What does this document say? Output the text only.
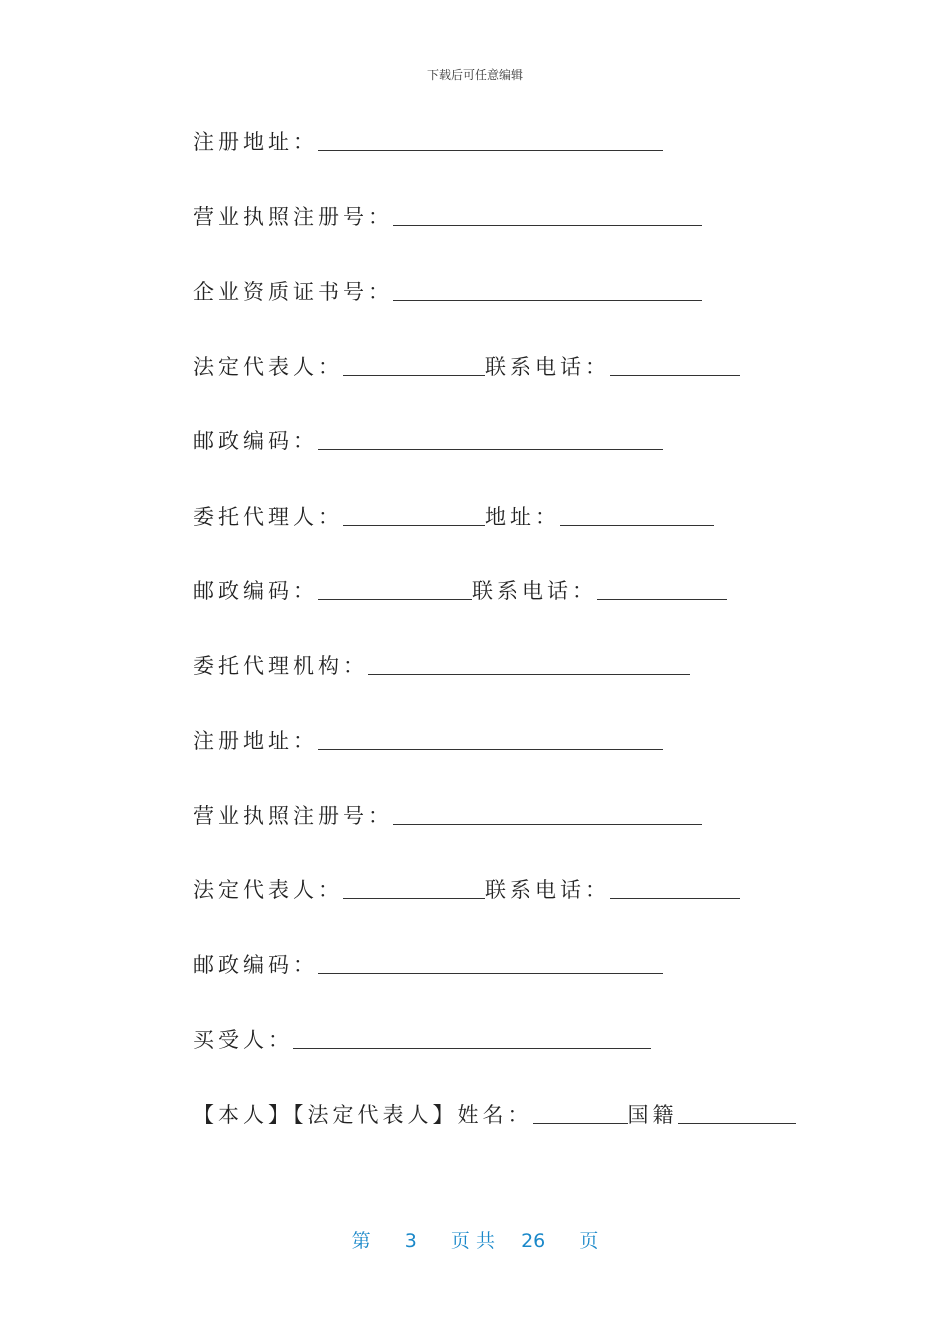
下载后可任意编辑
注册地址：
营业执照注册号：
企业资质证书号：
法定代表人：	联系电话：
邮政编码：
委托代理人：	地址：
邮政编码：	联系电话：
委托代理机构：
注册地址：
营业执照注册号：
法定代表人：	联系电话：
邮政编码：
买受人：
【本人】【法定代表人】姓名：	国籍
第 3 页 共 26 页
